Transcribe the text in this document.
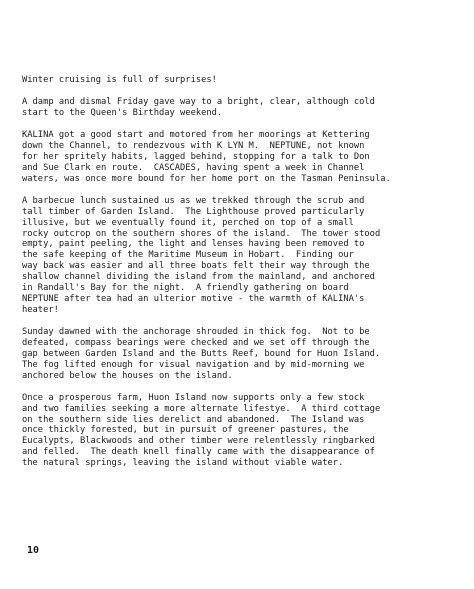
Winter cruising is full of surprises!

A damp and dismal Friday gave way to a bright, clear, although cold
start to the Queen's Birthday weekend.

KALINA got a good start and motored from her moorings at Kettering
down the Channel, to rendezvous with K LYN M.  NEPTUNE, not known
for her spritely habits, lagged behind, stopping for a talk to Don
and Sue Clark en route.  CASCADES, having spent a week in Channel
waters, was once more bound for her home port on the Tasman Peninsula.

A barbecue lunch sustained us as we trekked through the scrub and
tall timber of Garden Island.  The Lighthouse proved particularly
illusive, but we eventually found it, perched on top of a small
rocky outcrop on the southern shores of the island.  The tower stood
empty, paint peeling, the light and lenses having been removed to
the safe keeping of the Maritime Museum in Hobart.  Finding our
way back was easier and all three boats felt their way through the
shallow channel dividing the island from the mainland, and anchored
in Randall's Bay for the night.  A friendly gathering on board
NEPTUNE after tea had an ulterior motive - the warmth of KALINA's
heater!

Sunday dawned with the anchorage shrouded in thick fog.  Not to be
defeated, compass bearings were checked and we set off through the
gap between Garden Island and the Butts Reef, bound for Huon Island.
The fog lifted enough for visual navigation and by mid-morning we
anchored below the houses on the island.

Once a prosperous farm, Huon Island now supports only a few stock
and two families seeking a more alternate lifestye.  A third cottage
on the southern side lies derelict and abandoned.  The Island was
once thickly forested, but in pursuit of greener pastures, the
Eucalypts, Blackwoods and other timber were relentlessly ringbarked
and felled.  The death knell finally came with the disappearance of
the natural springs, leaving the island without viable water.

10
